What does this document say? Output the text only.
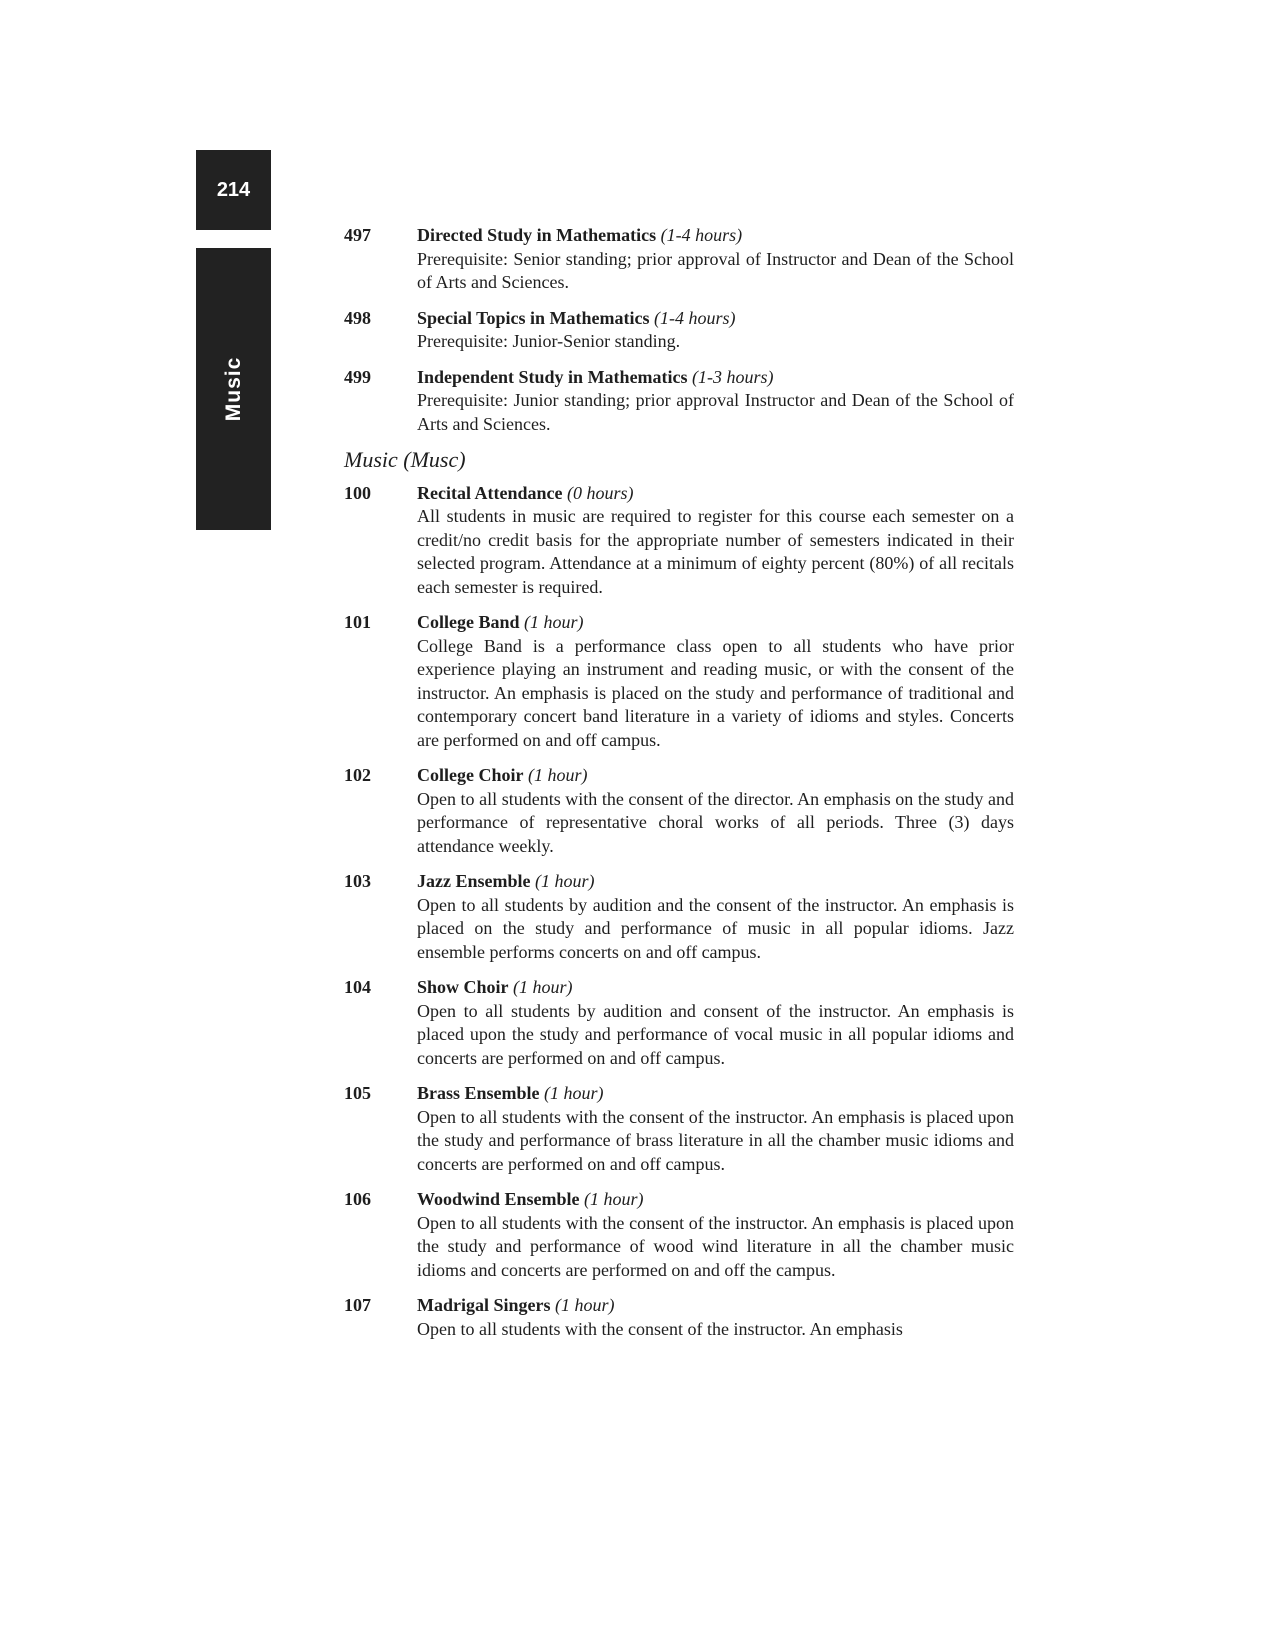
214
Music
497	Directed Study in Mathematics (1-4 hours)
Prerequisite: Senior standing; prior approval of Instructor and Dean of the School of Arts and Sciences.
498	Special Topics in Mathematics (1-4 hours)
Prerequisite: Junior-Senior standing.
499	Independent Study in Mathematics (1-3 hours)
Prerequisite: Junior standing; prior approval Instructor and Dean of the School of Arts and Sciences.
Music (Musc)
100	Recital Attendance (0 hours)
All students in music are required to register for this course each semester on a credit/no credit basis for the appropriate number of semesters indicated in their selected program. Attendance at a minimum of eighty percent (80%) of all recitals each semester is required.
101	College Band (1 hour)
College Band is a performance class open to all students who have prior experience playing an instrument and reading music, or with the consent of the instructor. An emphasis is placed on the study and performance of traditional and contemporary concert band literature in a variety of idioms and styles. Concerts are performed on and off campus.
102	College Choir (1 hour)
Open to all students with the consent of the director. An emphasis on the study and performance of representative choral works of all periods. Three (3) days attendance weekly.
103	Jazz Ensemble (1 hour)
Open to all students by audition and the consent of the instructor. An emphasis is placed on the study and performance of music in all popular idioms. Jazz ensemble performs concerts on and off campus.
104	Show Choir (1 hour)
Open to all students by audition and consent of the instructor. An emphasis is placed upon the study and performance of vocal music in all popular idioms and concerts are performed on and off campus.
105	Brass Ensemble (1 hour)
Open to all students with the consent of the instructor. An emphasis is placed upon the study and performance of brass literature in all the chamber music idioms and concerts are performed on and off campus.
106	Woodwind Ensemble (1 hour)
Open to all students with the consent of the instructor. An emphasis is placed upon the study and performance of wood wind literature in all the chamber music idioms and concerts are performed on and off the campus.
107	Madrigal Singers (1 hour)
Open to all students with the consent of the instructor. An emphasis
